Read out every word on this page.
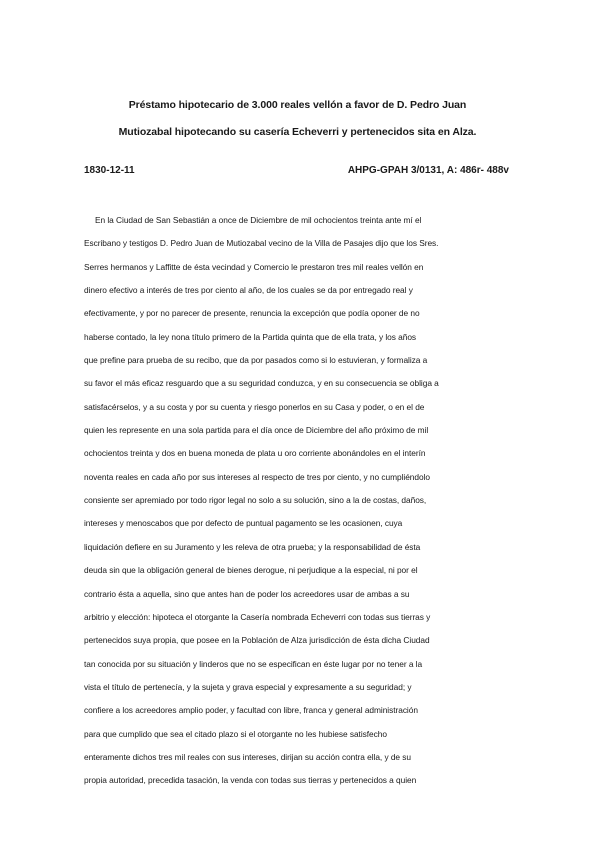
Préstamo hipotecario de 3.000 reales vellón a favor de D. Pedro Juan
Mutiozabal hipotecando su casería Echeverri y pertenecidos sita en Alza.
1830-12-11	AHPG-GPAH 3/0131, A: 486r- 488v
En la Ciudad de San Sebastián a once de Diciembre de mil ochocientos treinta ante mí el
Escribano y testigos D. Pedro Juan de Mutiozabal vecino de la Villa de Pasajes dijo que los Sres.
Serres hermanos y Laffitte de ésta vecindad y Comercio le prestaron tres mil reales vellón en
dinero efectivo a interés de tres por ciento al año, de los cuales se da por entregado real y
efectivamente, y por no parecer de presente, renuncia la excepción que podía oponer de no
haberse contado, la ley nona título primero de la Partida quinta que de ella trata, y los años
que prefine para prueba de su recibo, que da por pasados como si lo estuvieran, y formaliza a
su favor el más eficaz resguardo que a su seguridad conduzca, y en su consecuencia se obliga a
satisfacérselos, y a su costa y por su cuenta y riesgo ponerlos en su Casa y poder, o en el de
quien les represente en una sola partida para el día once de Diciembre del año próximo de mil
ochocientos treinta y dos en buena moneda de plata u oro corriente abonándoles en el interín
noventa reales en cada año por sus intereses al respecto de tres por ciento, y no cumpliéndolo
consiente ser apremiado por todo rigor legal no solo a su solución, sino a la de costas, daños,
intereses y menoscabos que por defecto de puntual pagamento se les ocasionen, cuya
liquidación defiere en su Juramento y les releva de otra prueba; y la responsabilidad de ésta
deuda sin que la obligación general de bienes derogue, ni perjudique a la especial, ni por el
contrario ésta a aquella, sino que antes han de poder los acreedores usar de ambas a su
arbitrio y elección: hipoteca el otorgante la Casería nombrada Echeverri con todas sus tierras y
pertenecidos suya propia, que posee en la Población de Alza jurisdicción de ésta dicha Ciudad
tan conocida por su situación y linderos que no se especifican en éste lugar por no tener a la
vista el título de pertenecía, y la sujeta y grava especial y expresamente a su seguridad; y
confiere a los acreedores amplio poder, y facultad con libre, franca y general administración
para que cumplido que sea el citado plazo si el otorgante no les hubiese satisfecho
enteramente dichos tres mil reales con sus intereses, dirijan su acción contra ella, y de su
propia autoridad, precedida tasación, la venda con todas sus tierras y pertenecidos a quien
